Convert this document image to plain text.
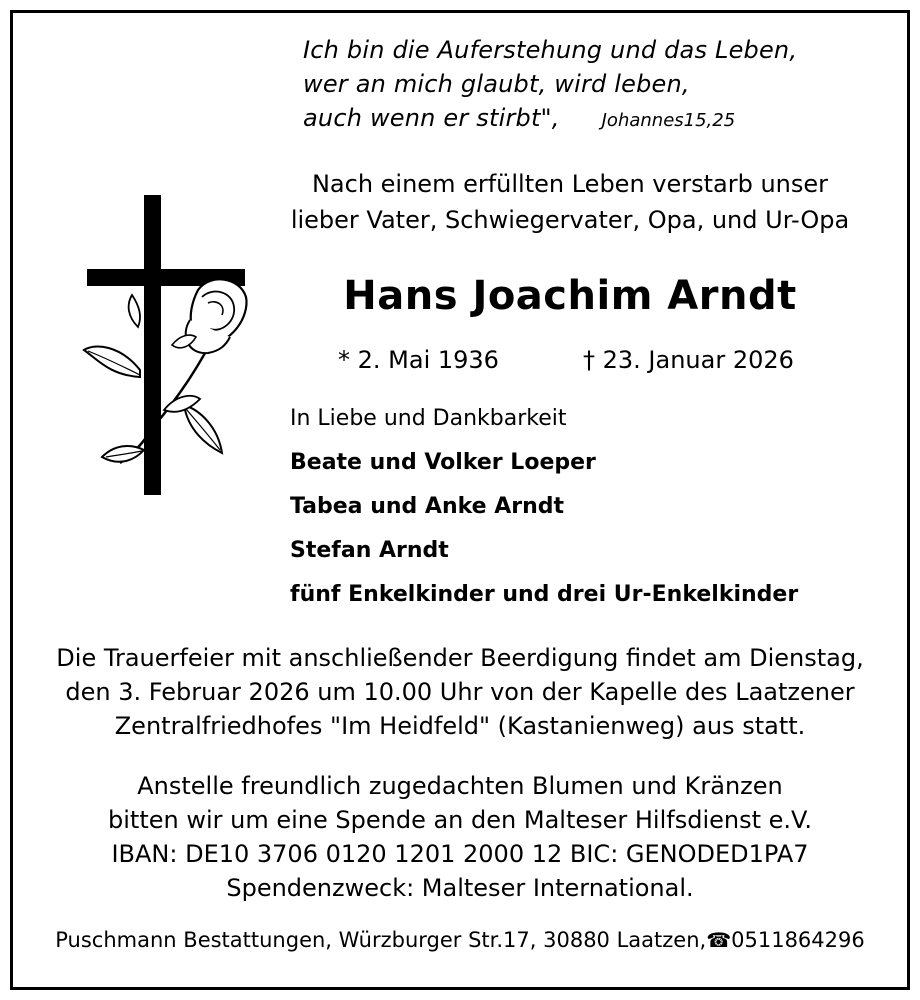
Ich bin die Auferstehung und das Leben,
wer an mich glaubt, wird leben,
auch wenn er stirbt", Johannes15,25
Nach einem erfüllten Leben verstarb unser
lieber Vater, Schwiegervater, Opa, und Ur-Opa
Hans Joachim Arndt
* 2. Mai 1936	† 23. Januar 2026
In Liebe und Dankbarkeit
Beate und Volker Loeper
Tabea und Anke Arndt
Stefan Arndt
fünf Enkelkinder und drei Ur-Enkelkinder
Die Trauerfeier mit anschließender Beerdigung findet am Dienstag,
den 3. Februar 2026 um 10.00 Uhr von der Kapelle des Laatzener
Zentralfriedhofes "Im Heidfeld" (Kastanienweg) aus statt.
Anstelle freundlich zugedachten Blumen und Kränzen
bitten wir um eine Spende an den Malteser Hilfsdienst e.V.
IBAN: DE10 3706 0120 1201 2000 12 BIC: GENODED1PA7
Spendenzweck: Malteser International.
Puschmann Bestattungen, Würzburger Str.17, 30880 Laatzen,☎0511864296
